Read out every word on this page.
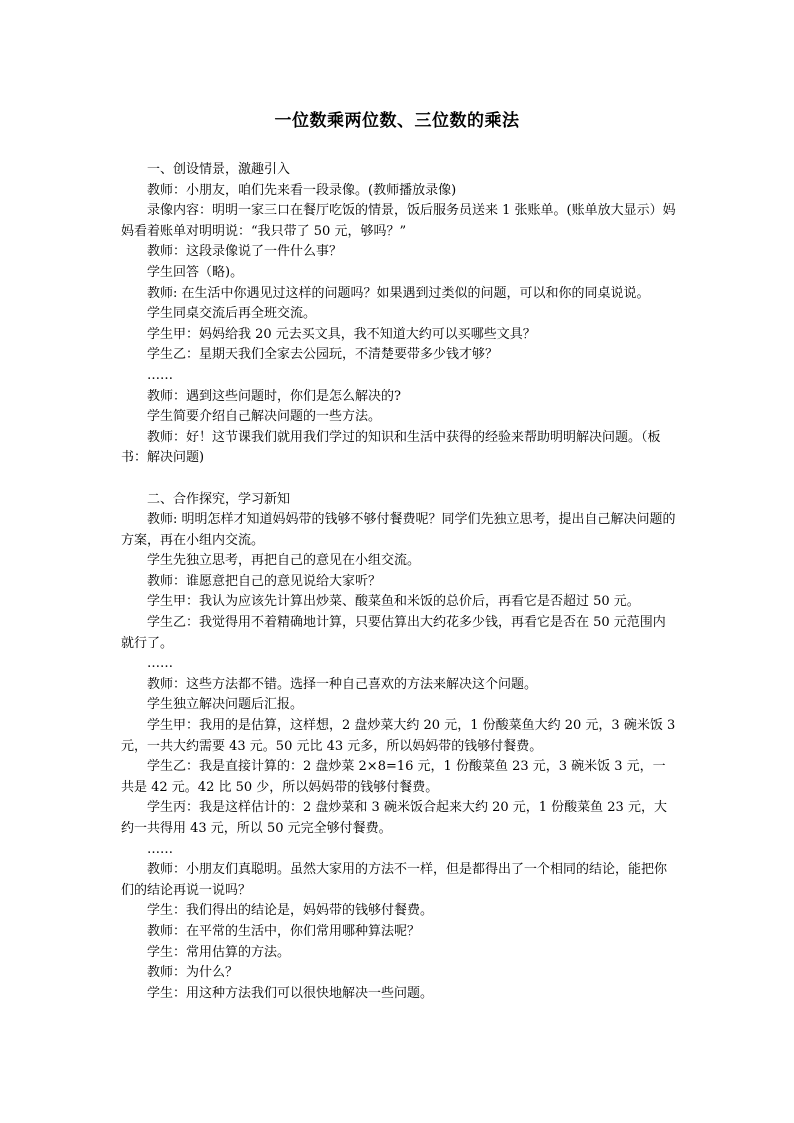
一位数乘两位数、三位数的乘法

一、创设情景，激趣引入

教师：小朋友，咱们先来看一段录像。(教师播放录像)

录像内容：明明一家三口在餐厅吃饭的情景，饭后服务员送来 1 张账单。(账单放大显示）妈妈看着账单对明明说：“我只带了 50 元，够吗？”

教师：这段录像说了一件什么事？

学生回答（略)。

教师: 在生活中你遇见过这样的问题吗？如果遇到过类似的问题，可以和你的同桌说说。

学生同桌交流后再全班交流。

学生甲：妈妈给我 20 元去买文具，我不知道大约可以买哪些文具？

学生乙：星期天我们全家去公园玩，不清楚要带多少钱才够？

……

教师：遇到这些问题时，你们是怎么解决的?

学生简要介绍自己解决问题的一些方法。

教师：好！这节课我们就用我们学过的知识和生活中获得的经验来帮助明明解决问题。（板书：解决问题)

二、合作探究，学习新知

教师: 明明怎样才知道妈妈带的钱够不够付餐费呢？同学们先独立思考，提出自己解决问题的方案，再在小组内交流。

学生先独立思考，再把自己的意见在小组交流。

教师：谁愿意把自己的意见说给大家听？

学生甲：我认为应该先计算出炒菜、酸菜鱼和米饭的总价后，再看它是否超过 50 元。

学生乙：我觉得用不着精确地计算，只要估算出大约花多少钱，再看它是否在 50 元范围内就行了。

……

教师：这些方法都不错。选择一种自己喜欢的方法来解决这个问题。

学生独立解决问题后汇报。

学生甲：我用的是估算，这样想，2 盘炒菜大约 20 元，1 份酸菜鱼大约 20 元，3 碗米饭 3 元，一共大约需要 43 元。50 元比 43 元多，所以妈妈带的钱够付餐费。

学生乙：我是直接计算的：2 盘炒菜 2×8=16 元，1 份酸菜鱼 23 元，3 碗米饭 3 元，一共是 42 元。42 比 50 少，所以妈妈带的钱够付餐费。

学生丙：我是这样估计的：2 盘炒菜和 3 碗米饭合起来大约 20 元，1 份酸菜鱼 23 元，大约一共得用 43 元，所以 50 元完全够付餐费。

……

教师：小朋友们真聪明。虽然大家用的方法不一样，但是都得出了一个相同的结论，能把你们的结论再说一说吗？

学生：我们得出的结论是，妈妈带的钱够付餐费。

教师：在平常的生活中，你们常用哪种算法呢？

学生：常用估算的方法。

教师：为什么？

学生：用这种方法我们可以很快地解决一些问题。
